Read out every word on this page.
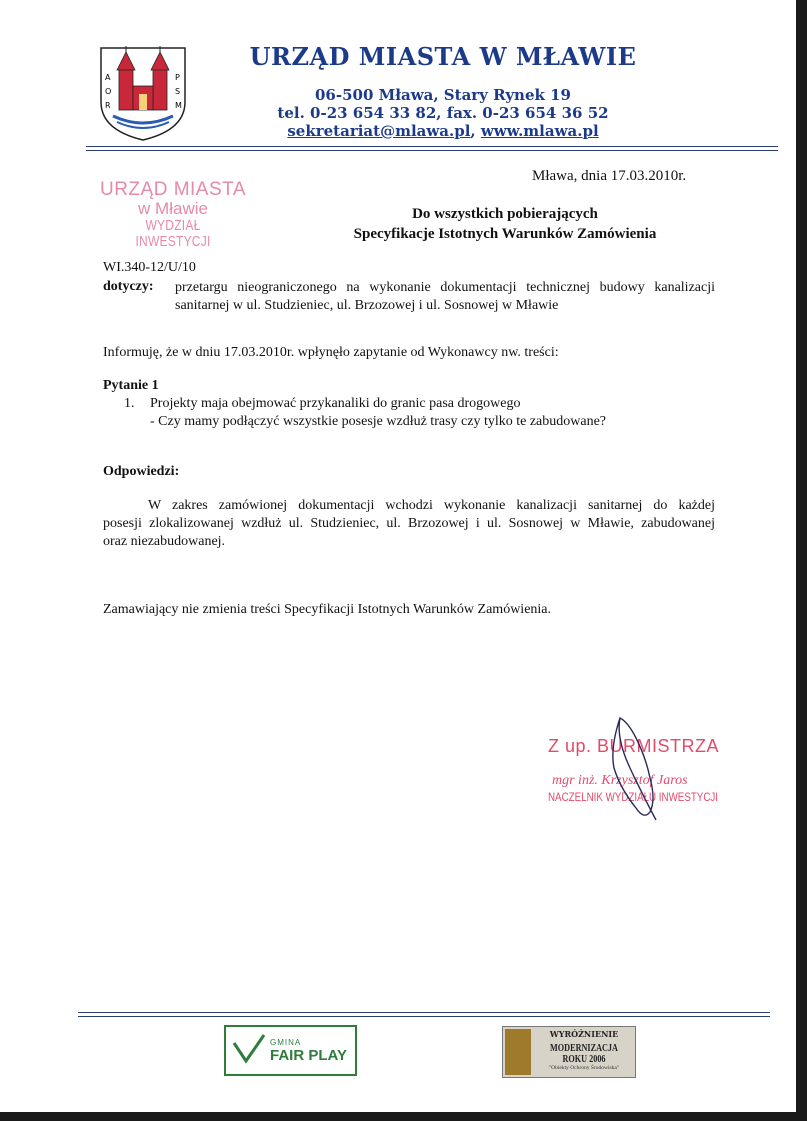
A
O
R
P
S
M
URZĄD MIASTA W MŁAWIE
06-500 Mława, Stary Rynek 19
tel. 0-23 654 33 82, fax. 0-23 654 36 52
sekretariat@mlawa.pl, www.mlawa.pl
URZĄD MIASTA
w Mławie
WYDZIAŁ INWESTYCJI
Mława, dnia 17.03.2010r.
Do wszystkich pobierających
Specyfikacje Istotnych Warunków Zamówienia
WI.340-12/U/10
dotyczy: przetargu nieograniczonego na wykonanie dokumentacji technicznej budowy kanalizacji
sanitarnej w ul. Studzieniec, ul. Brzozowej i ul. Sosnowej w Mławie
Informuję, że w dniu 17.03.2010r. wpłynęło zapytanie od Wykonawcy nw. treści:
Pytanie 1
1. Projekty maja obejmować przykanaliki do granic pasa drogowego
- Czy mamy podłączyć wszystkie posesje wzdłuż trasy czy tylko te zabudowane?
Odpowiedzi:
W zakres zamówionej dokumentacji wchodzi wykonanie kanalizacji sanitarnej do każdej
posesji zlokalizowanej wzdłuż ul. Studzieniec, ul. Brzozowej i ul. Sosnowej w Mławie, zabudowanej
oraz niezabudowanej.
Zamawiający nie zmienia treści Specyfikacji Istotnych Warunków Zamówienia.
Z up. BURMISTRZA
mgr inż. Krzysztof Jaros
NACZELNIK WYDZIAŁU INWESTYCJI
GMINA
FAIR PLAY
WYRÓŻNIENIE
MODERNIZACJA ROKU 2006
"Obiekty Ochrony Środowiska"
